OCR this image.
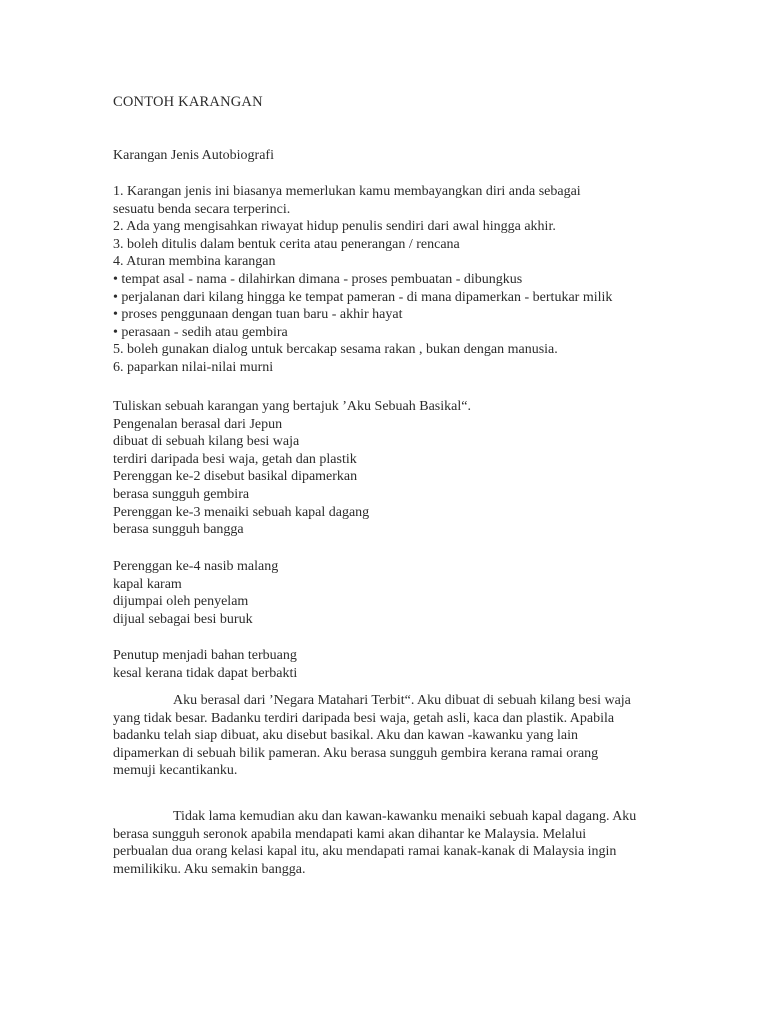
CONTOH KARANGAN
Karangan Jenis Autobiografi
1. Karangan jenis ini biasanya memerlukan kamu membayangkan diri anda sebagai
sesuatu benda secara terperinci.
2. Ada yang mengisahkan riwayat hidup penulis sendiri dari awal hingga akhir.
3. boleh ditulis dalam bentuk cerita atau penerangan / rencana
4. Aturan membina karangan
• tempat asal - nama - dilahirkan dimana - proses pembuatan - dibungkus
• perjalanan dari kilang hingga ke tempat pameran - di mana dipamerkan - bertukar milik
• proses penggunaan dengan tuan baru - akhir hayat
• perasaan - sedih atau gembira
5. boleh gunakan dialog untuk bercakap sesama rakan , bukan dengan manusia.
6. paparkan nilai-nilai murni
Tuliskan sebuah karangan yang bertajuk ’Aku Sebuah Basikal“.
Pengenalan berasal dari Jepun
dibuat di sebuah kilang besi waja
terdiri daripada besi waja, getah dan plastik
Perenggan ke-2 disebut basikal dipamerkan
berasa sungguh gembira
Perenggan ke-3 menaiki sebuah kapal dagang
berasa sungguh bangga
Perenggan ke-4 nasib malang
kapal karam
dijumpai oleh penyelam
dijual sebagai besi buruk
Penutup menjadi bahan terbuang
kesal kerana tidak dapat berbakti

Aku berasal dari ’Negara Matahari Terbit“. Aku dibuat di sebuah kilang besi waja yang tidak besar. Badanku terdiri daripada besi waja, getah asli, kaca dan plastik. Apabila badanku telah siap dibuat, aku disebut basikal. Aku dan kawan -kawanku yang lain dipamerkan di sebuah bilik pameran. Aku berasa sungguh gembira kerana ramai orang memuji kecantikanku.

Tidak lama kemudian aku dan kawan-kawanku menaiki sebuah kapal dagang. Aku berasa sungguh seronok apabila mendapati kami akan dihantar ke Malaysia. Melalui perbualan dua orang kelasi kapal itu, aku mendapati ramai kanak-kanak di Malaysia ingin memilikiku. Aku semakin bangga.
